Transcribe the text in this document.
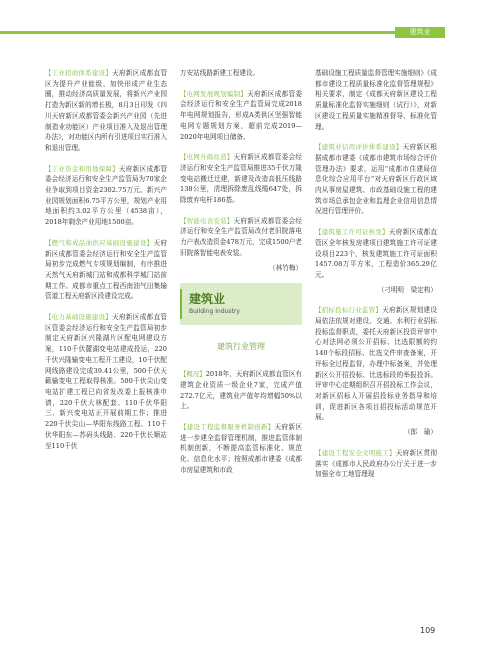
建筑业

【工业招商体系建设】天府新区成都直管区为提升产业能级、加快形成产业生态圈，推动经济高质量发展，将新兴产业园打造为新区新的增长极，8月3日印发《四川天府新区成都管委会新兴产业园（先进制造业功能区）产业项目准入及退出管理办法》，对功能区内所有引进项目实行准入和退出管理。

【工业资金和用地保障】天府新区成都管委会经济运行和安全生产监管局为70家企业争取到项目资金2302.75万元。新兴产业园规划面积6.75平方公里，规划产业用地面积约3.02平方公里（4538亩），2018年剩余产业用地1500亩。

【燃气和成品油供应基础设施建设】天府新区成都管委会经济运行和安全生产监管局初步完成燃气专项规划编制，有序推进天然气天府新城门站和成都科学城门站前期工作。成都市重点工程西南油气田集输管道工程天府新区段建设完成。

【电力基础设施建设】天府新区成都直管区管委会经济运行和安全生产监管局初步制定天府新区兴隆湖片区配电网建设方案，110千伏麓湖变电站建成投运，220千伏兴隆输变电工程开工建设，10千伏配网线路建设完成39.41公里，500千伏天籁输变电工程取得核准。500千伏尖山变电站扩建工程已向省发改委上报核准申请，220千伏大林配套、110千伏华阳三、新兴变电站正开展前期工作；推进220千伏尖山—华阳东线路工程、110千伏华阳东—苏码头线路、220千伏长顺站至110千伏

万安站线路新建工程建设。

【电网发展规划编制】天府新区成都管委会经济运行和安全生产监管局完成2018年电网规划报告，形成A类供区坚强智能电网专题规划方案，超前完成2019—2020年电网项目储备。

【电网升级改造】天府新区成都管委会经济运行和安全生产监管局推进35千伏万隆变电站搬迁迁建，新建及改造高低压线路138公里，清理拆除废乱线缆647处，拆除废弃电杆186基。

【智能电表安装】天府新区成都管委会经济运行和安全生产监管局改付老旧院落电力户表改造资金478万元，完成1500户老旧院落智能电表安装。

（林竹梅）
建筑业
Building Industry
建筑行业管理

【概况】2018年，天府新区成都直管区有建筑企业资质一级企业7家，完成产值272.7亿元，建筑业产值年均增幅50%以上。

【建设工程监督服务机制创新】天府新区进一步建全监督管理机制，推进监管体制机制创新，不断提高监管标准化、规范化、信息化水平；按照成都市建委《成都市房屋建筑和市政

基础设施工程质量监督管理实施细则》《成都市建设工程质量标准化监督管理规程》相关要求，制定《成都天府新区建设工程质量标准化监督实施细则（试行）》，对新区建设工程质量实施精准督导、标准化管理。

【建筑业信用评价体系建设】天府新区根据成都市建委《成都市建筑市场综合评价管理办法》要求，运用“成都市住建局信息化综合应用平台”对天府新区行政区域内从事房屋建筑、市政基础设施工程的建筑市场总承包企业和监理企业信用信息情况进行管理评价。

【建筑施工许可证核发】天府新区成都直管区全年核发房建项目建筑施工许可证建设项目223个，核发建筑施工许可证面积1457.08万平方米，工程造价365.29亿元。

（刁明明　梁定构）

【招标投标行业监管】天府新区规划建设局依法依规对建设、交通、水利行业招标投标监督职责，委托天府新区投资评审中心对法网必须公开招标、比选限额的约140个标段招标、比选文件审查备案，开评标全过程监督，办理中标备案，并处理新区公开招投标、比选标段的举报投诉。评审中心定期组织召开招投标工作会议，对新区招标人开展招投标业务指导和培训，促进新区各项目招投标活动规范开展。

（郎　瑜）

【建设工程安全文明施工】天府新区贯彻落实《成都市人民政府办公厅关于进一步加强全市工地管理现

109
